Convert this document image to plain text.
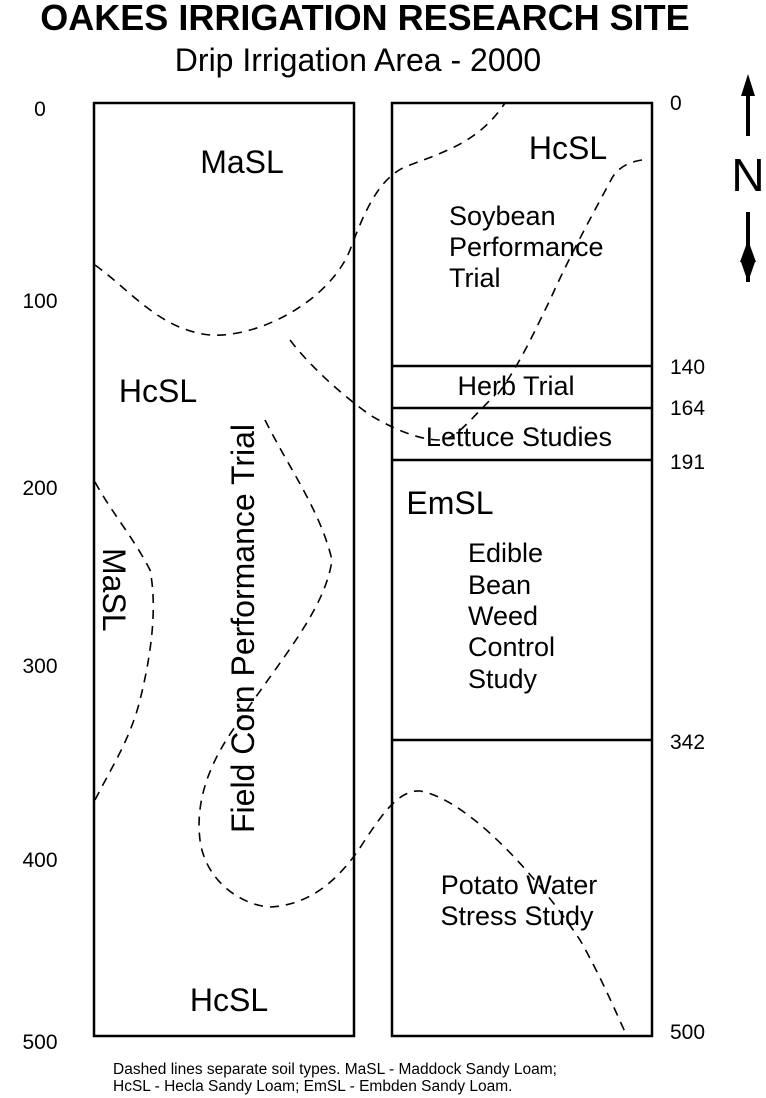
OAKES IRRIGATION RESEARCH SITE
Drip Irrigation Area - 2000
0
100
200
300
400
500
0
140
164
191
342
500
MaSL
HcSL
MaSL
HcSL
Field Corn Performance Trial
HcSL
EmSL
Soybean
Performance
Trial
Herb Trial
Lettuce Studies
Edible
Bean
Weed
Control
Study
Potato Water
Stress Study
N
Dashed lines separate soil types. MaSL - Maddock Sandy Loam;
HcSL - Hecla Sandy Loam; EmSL - Embden Sandy Loam.
